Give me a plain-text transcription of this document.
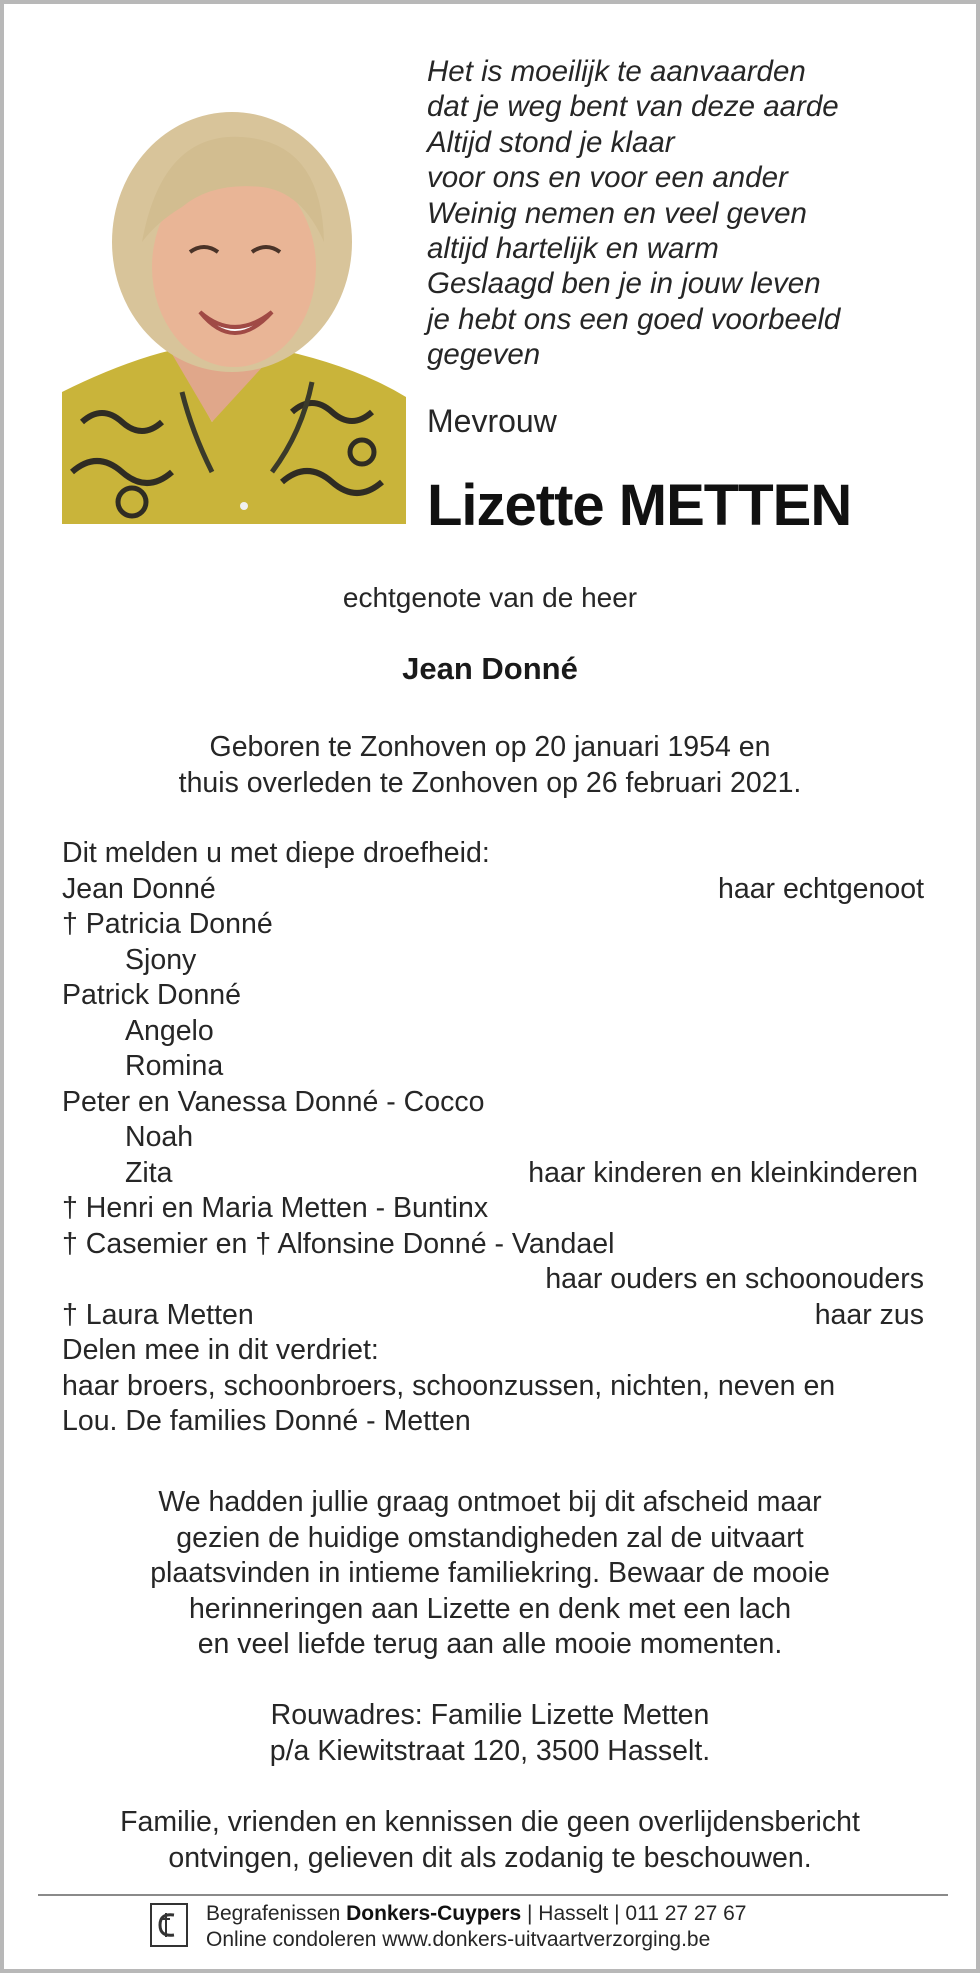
Het is moeilijk te aanvaarden
dat je weg bent van deze aarde
Altijd stond je klaar
voor ons en voor een ander
Weinig nemen en veel geven
altijd hartelijk en warm
Geslaagd ben je in jouw leven
je hebt ons een goed voorbeeld
gegeven
Mevrouw
Lizette METTEN
echtgenote van de heer
Jean Donné
Geboren te Zonhoven op 20 januari 1954 en
thuis overleden te Zonhoven op 26 februari 2021.
Dit melden u met diepe droefheid:
Jean Donné	haar echtgenoot
† Patricia Donné
Sjony
Patrick Donné
Angelo
Romina
Peter en Vanessa Donné - Cocco
Noah
Zita	haar kinderen en kleinkinderen
† Henri en Maria Metten - Buntinx
† Casemier en † Alfonsine Donné - Vandael
haar ouders en schoonouders
† Laura Metten	haar zus
Delen mee in dit verdriet:
haar broers, schoonbroers, schoonzussen, nichten, neven en
Lou. De families Donné - Metten
We hadden jullie graag ontmoet bij dit afscheid maar
gezien de huidige omstandigheden zal de uitvaart
plaatsvinden in intieme familiekring. Bewaar de mooie
herinneringen aan Lizette en denk met een lach
en veel liefde terug aan alle mooie momenten.
Rouwadres: Familie Lizette Metten
p/a Kiewitstraat 120, 3500 Hasselt.
Familie, vrienden en kennissen die geen overlijdensbericht
ontvingen, gelieven dit als zodanig te beschouwen.
Begrafenissen Donkers-Cuypers | Hasselt | 011 27 27 67
Online condoleren www.donkers-uitvaartverzorging.be
